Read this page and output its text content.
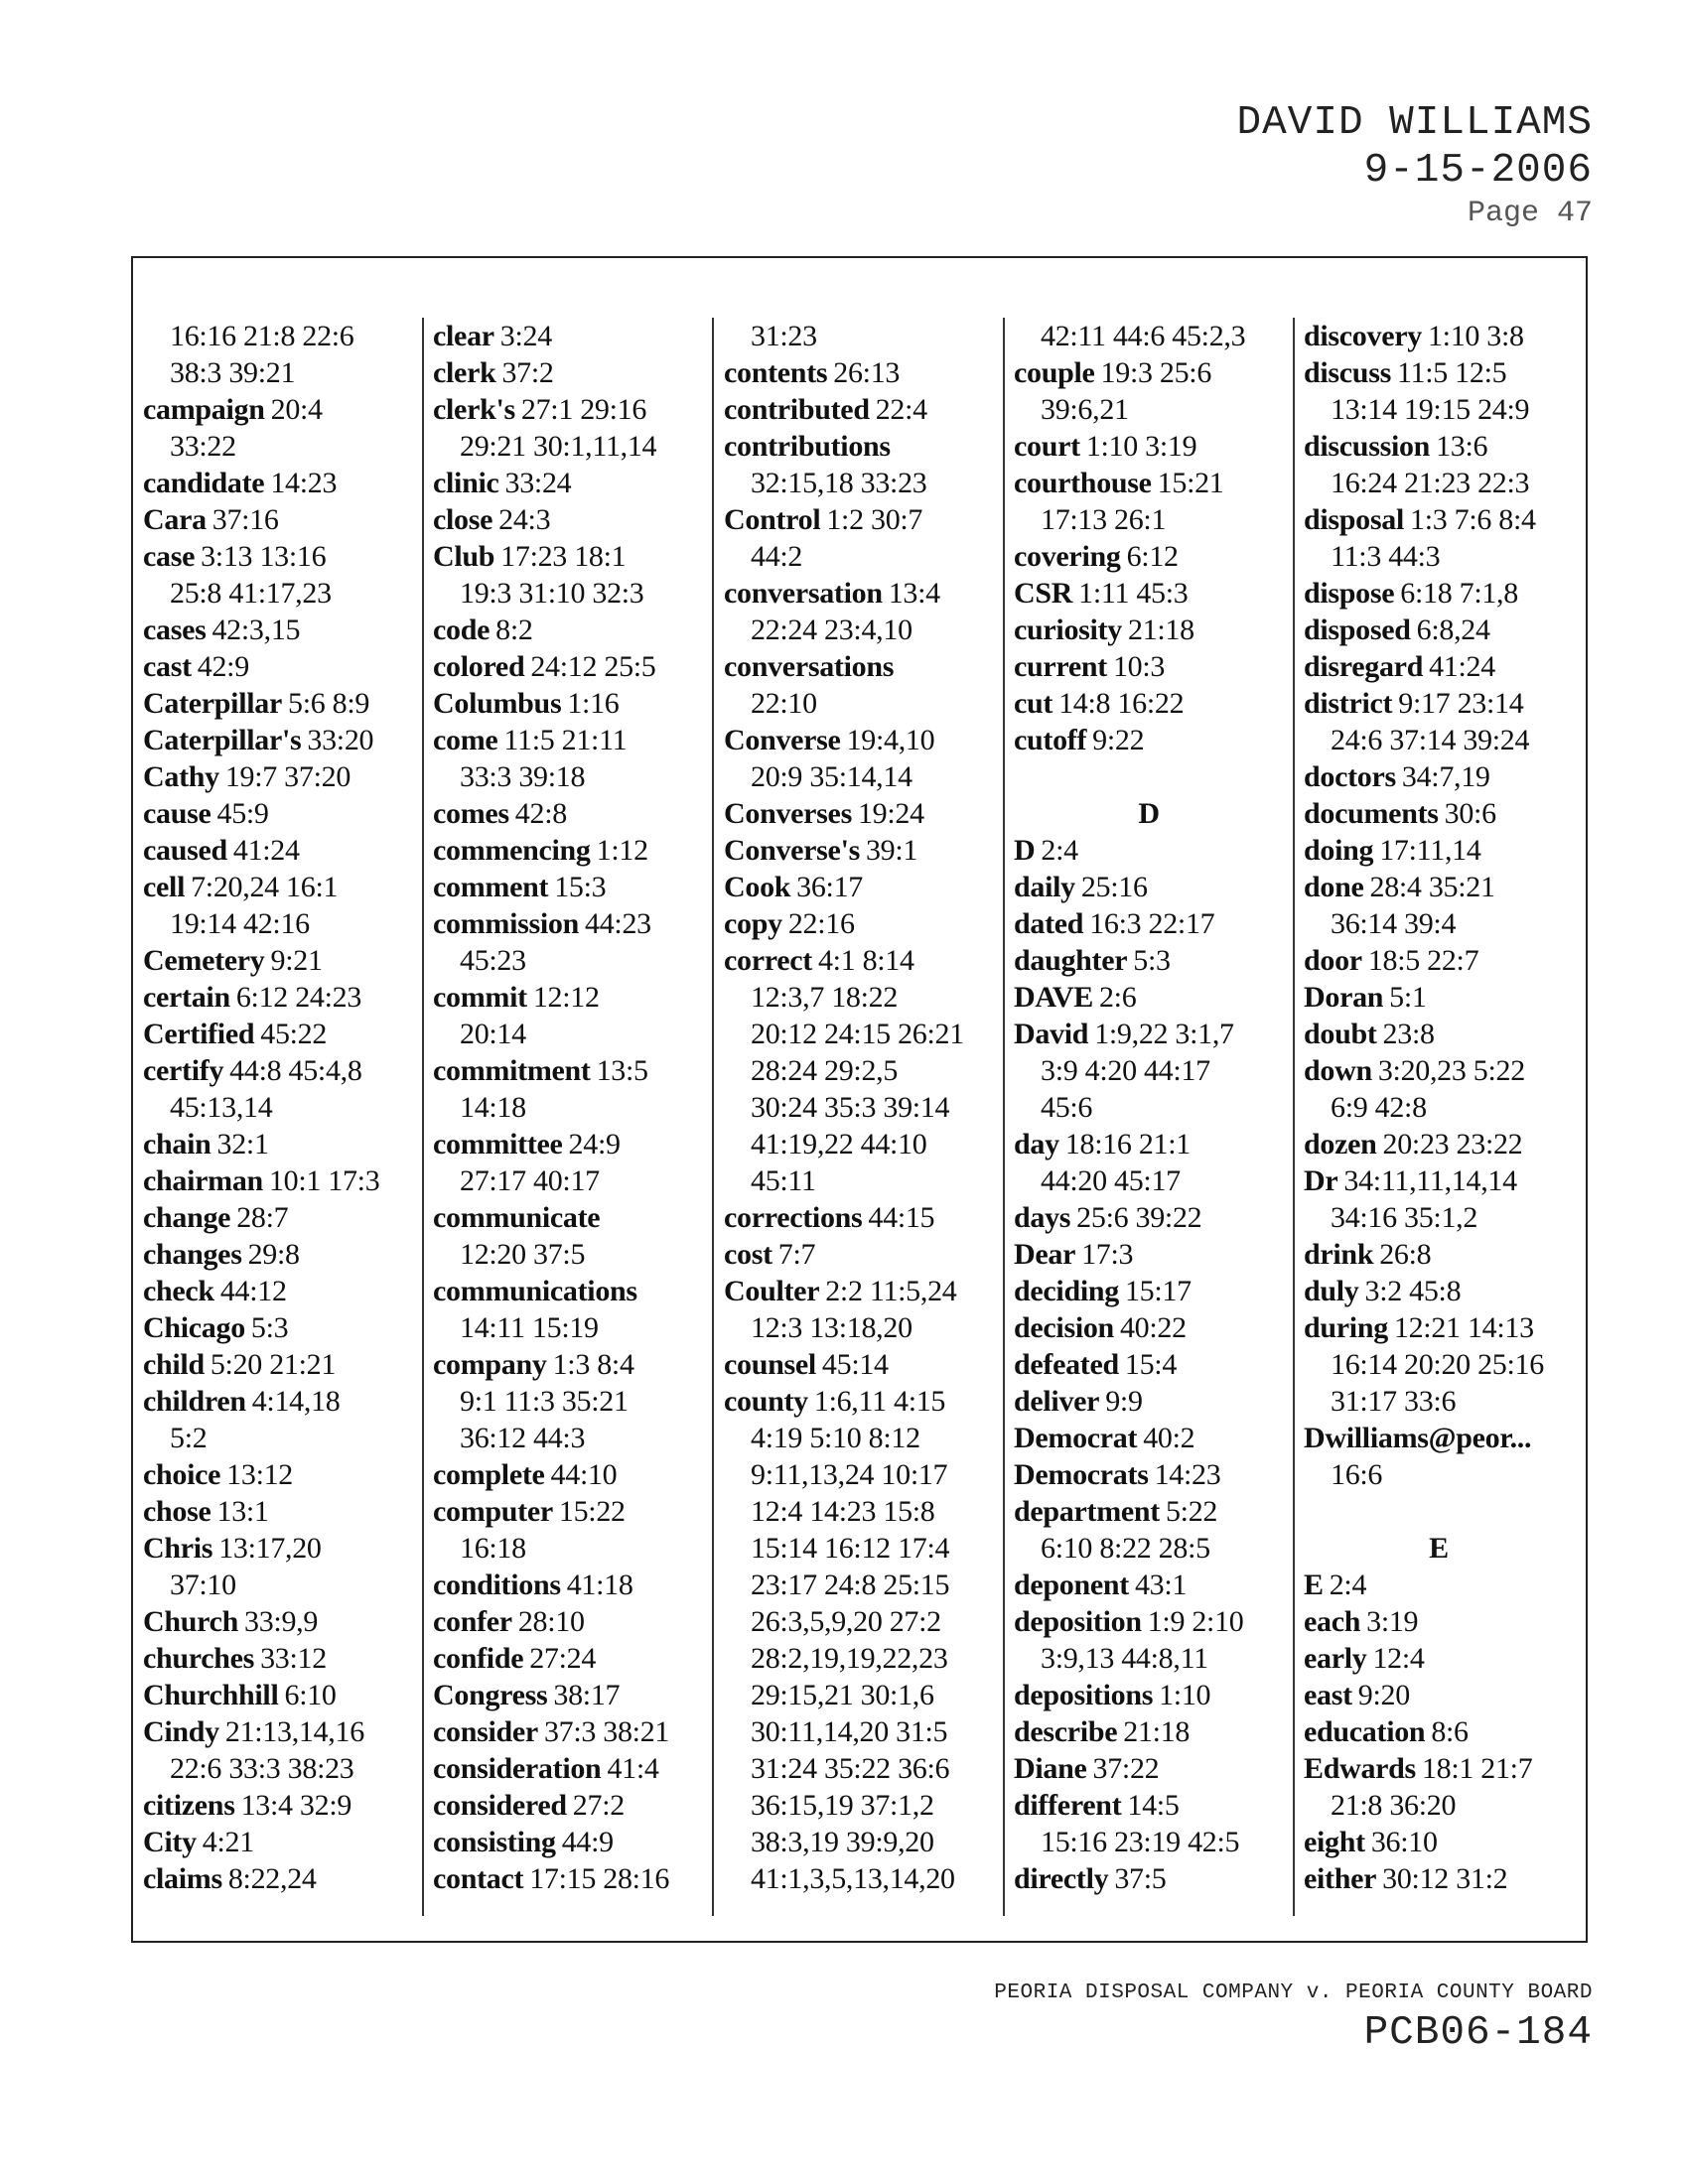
DAVID WILLIAMS
9-15-2006
Page 47
16:16 21:8 22:6
38:3 39:21
campaign 20:4
33:22
candidate 14:23
Cara 37:16
case 3:13 13:16
25:8 41:17,23
cases 42:3,15
cast 42:9
Caterpillar 5:6 8:9
Caterpillar's 33:20
Cathy 19:7 37:20
cause 45:9
caused 41:24
cell 7:20,24 16:1
19:14 42:16
Cemetery 9:21
certain 6:12 24:23
Certified 45:22
certify 44:8 45:4,8
45:13,14
chain 32:1
chairman 10:1 17:3
change 28:7
changes 29:8
check 44:12
Chicago 5:3
child 5:20 21:21
children 4:14,18
5:2
choice 13:12
chose 13:1
Chris 13:17,20
37:10
Church 33:9,9
churches 33:12
Churchhill 6:10
Cindy 21:13,14,16
22:6 33:3 38:23
citizens 13:4 32:9
City 4:21
claims 8:22,24
clear 3:24
clerk 37:2
clerk's 27:1 29:16
29:21 30:1,11,14
clinic 33:24
close 24:3
Club 17:23 18:1
19:3 31:10 32:3
code 8:2
colored 24:12 25:5
Columbus 1:16
come 11:5 21:11
33:3 39:18
comes 42:8
commencing 1:12
comment 15:3
commission 44:23
45:23
commit 12:12
20:14
commitment 13:5
14:18
committee 24:9
27:17 40:17
communicate
12:20 37:5
communications
14:11 15:19
company 1:3 8:4
9:1 11:3 35:21
36:12 44:3
complete 44:10
computer 15:22
16:18
conditions 41:18
confer 28:10
confide 27:24
Congress 38:17
consider 37:3 38:21
consideration 41:4
considered 27:2
consisting 44:9
contact 17:15 28:16
31:23
contents 26:13
contributed 22:4
contributions
32:15,18 33:23
Control 1:2 30:7
44:2
conversation 13:4
22:24 23:4,10
conversations
22:10
Converse 19:4,10
20:9 35:14,14
Converses 19:24
Converse's 39:1
Cook 36:17
copy 22:16
correct 4:1 8:14
12:3,7 18:22
20:12 24:15 26:21
28:24 29:2,5
30:24 35:3 39:14
41:19,22 44:10
45:11
corrections 44:15
cost 7:7
Coulter 2:2 11:5,24
12:3 13:18,20
counsel 45:14
county 1:6,11 4:15
4:19 5:10 8:12
9:11,13,24 10:17
12:4 14:23 15:8
15:14 16:12 17:4
23:17 24:8 25:15
26:3,5,9,20 27:2
28:2,19,19,22,23
29:15,21 30:1,6
30:11,14,20 31:5
31:24 35:22 36:6
36:15,19 37:1,2
38:3,19 39:9,20
41:1,3,5,13,14,20
42:11 44:6 45:2,3
couple 19:3 25:6
39:6,21
court 1:10 3:19
courthouse 15:21
17:13 26:1
covering 6:12
CSR 1:11 45:3
curiosity 21:18
current 10:3
cut 14:8 16:22
cutoff 9:22
D
D 2:4
daily 25:16
dated 16:3 22:17
daughter 5:3
DAVE 2:6
David 1:9,22 3:1,7
3:9 4:20 44:17
45:6
day 18:16 21:1
44:20 45:17
days 25:6 39:22
Dear 17:3
deciding 15:17
decision 40:22
defeated 15:4
deliver 9:9
Democrat 40:2
Democrats 14:23
department 5:22
6:10 8:22 28:5
deponent 43:1
deposition 1:9 2:10
3:9,13 44:8,11
depositions 1:10
describe 21:18
Diane 37:22
different 14:5
15:16 23:19 42:5
directly 37:5
discovery 1:10 3:8
discuss 11:5 12:5
13:14 19:15 24:9
discussion 13:6
16:24 21:23 22:3
disposal 1:3 7:6 8:4
11:3 44:3
dispose 6:18 7:1,8
disposed 6:8,24
disregard 41:24
district 9:17 23:14
24:6 37:14 39:24
doctors 34:7,19
documents 30:6
doing 17:11,14
done 28:4 35:21
36:14 39:4
door 18:5 22:7
Doran 5:1
doubt 23:8
down 3:20,23 5:22
6:9 42:8
dozen 20:23 23:22
Dr 34:11,11,14,14
34:16 35:1,2
drink 26:8
duly 3:2 45:8
during 12:21 14:13
16:14 20:20 25:16
31:17 33:6
Dwilliams@peor...
16:6
E
E 2:4
each 3:19
early 12:4
east 9:20
education 8:6
Edwards 18:1 21:7
21:8 36:20
eight 36:10
either 30:12 31:2
PEORIA DISPOSAL COMPANY v. PEORIA COUNTY BOARD
PCB06-184
